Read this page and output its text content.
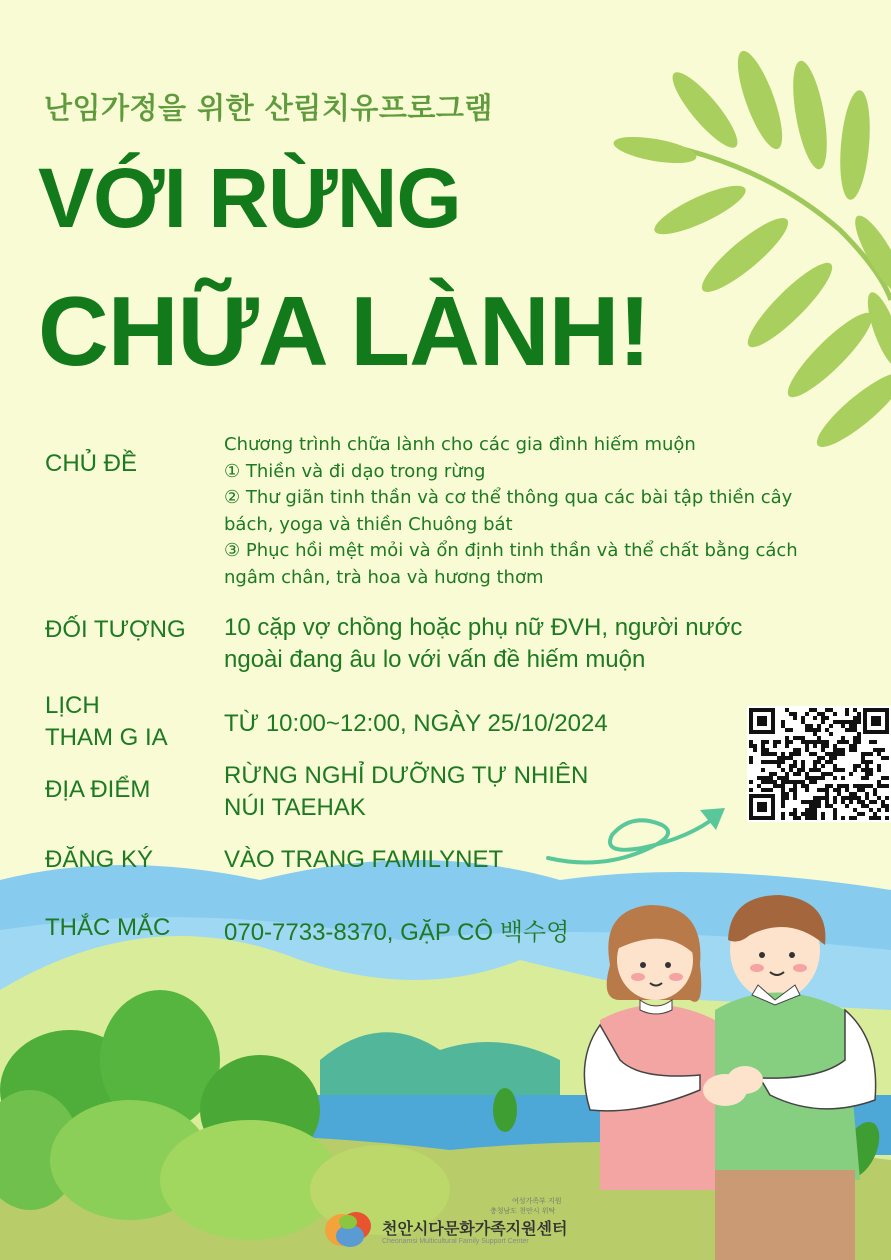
난임가정을 위한 산림치유프로그램
VỚI RỪNG
CHỮA LÀNH!
CHỦ ĐỀ
Chương trình chữa lành cho các gia đình hiếm muộn
① Thiền và đi dạo trong rừng
② Thư giãn tinh thần và cơ thể thông qua các bài tập thiền cây
bách, yoga và thiền Chuông bát
③ Phục hồi mệt mỏi và ổn định tinh thần và thể chất bằng cách
ngâm chân, trà hoa và hương thơm
ĐỐI TƯỢNG 10 cặp vợ chồng hoặc phụ nữ ĐVH, người nước
ngoài đang âu lo với vấn đề hiếm muộn
LỊCH
THAM G IA
TỪ 10:00~12:00, NGÀY 25/10/2024
ĐỊA ĐIỂM
RỪNG NGHỈ DƯỠNG TỰ NHIÊN
NÚI TAEHAK
ĐĂNG KÝ	VÀO TRANG FAMILYNET
THẮC MẮC 070-7733-8370, GẶP CÔ 백수영
여성가족부 지원
충청남도 천안시 위탁
천안시다문화가족지원센터
Cheonamsi Multicultural Family Support Center
